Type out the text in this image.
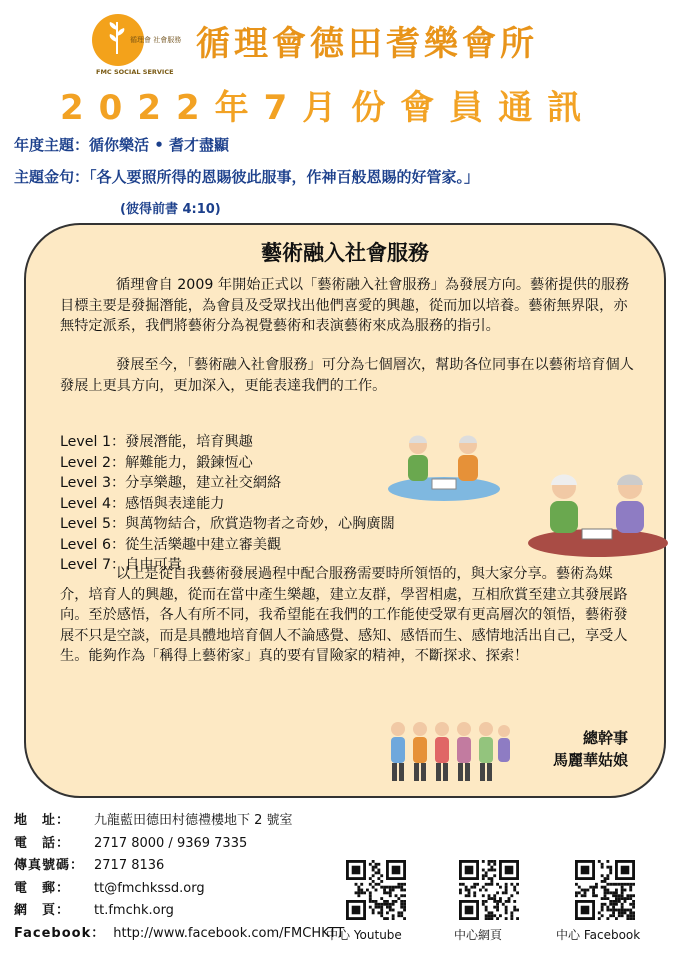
循理會 社會服務
FMC SOCIAL SERVICE
循理會德田耆樂會所
2022年7月份會員通訊
年度主題：循你樂活 • 耆才盡顯
主題金句：「各人要照所得的恩賜彼此服事，作神百般恩賜的好管家。」
(彼得前書 4:10)
藝術融入社會服務
循理會自 2009 年開始正式以「藝術融入社會服務」為發展方向。藝術提供的服務目標主要是發掘潛能，為會員及受眾找出他們喜愛的興趣，從而加以培養。藝術無界限，亦無特定派系，我們將藝術分為視覺藝術和表演藝術來成為服務的指引。
發展至今，「藝術融入社會服務」可分為七個層次，幫助各位同事在以藝術培育個人發展上更具方向，更加深入，更能表達我們的工作。
Level 1：發展潛能，培育興趣
Level 2：解難能力，鍛鍊恆心
Level 3：分享樂趣，建立社交網絡
Level 4：感悟與表達能力
Level 5：與萬物結合，欣賞造物者之奇妙，心胸廣闊
Level 6：從生活樂趣中建立審美觀
Level 7：自由可貴
總幹事
馬麗華姑娘
以上是從自我藝術發展過程中配合服務需要時所領悟的，與大家分享。藝術為媒介，培育人的興趣，從而在當中產生樂趣，建立友群，學習相處，互相欣賞至建立其發展路向。至於感悟，各人有所不同，我希望能在我們的工作能使受眾有更高層次的領悟，藝術發展不只是空談，而是具體地培育個人不論感覺、感知、感悟而生、感情地活出自己，享受人生。能夠作為「稱得上藝術家」真的要有冒險家的精神，不斷探求、探索！
地　址： 九龍藍田德田村德禮樓地下 2 號室
電　話： 2717 8000 / 9369 7335
傳真號碼： 2717 8136
電　郵： tt@fmchkssd.org
網　頁： tt.fmchk.org
Facebook： http://www.facebook.com/FMCHKTT
中心 Youtube	中心網頁	中心 Facebook
